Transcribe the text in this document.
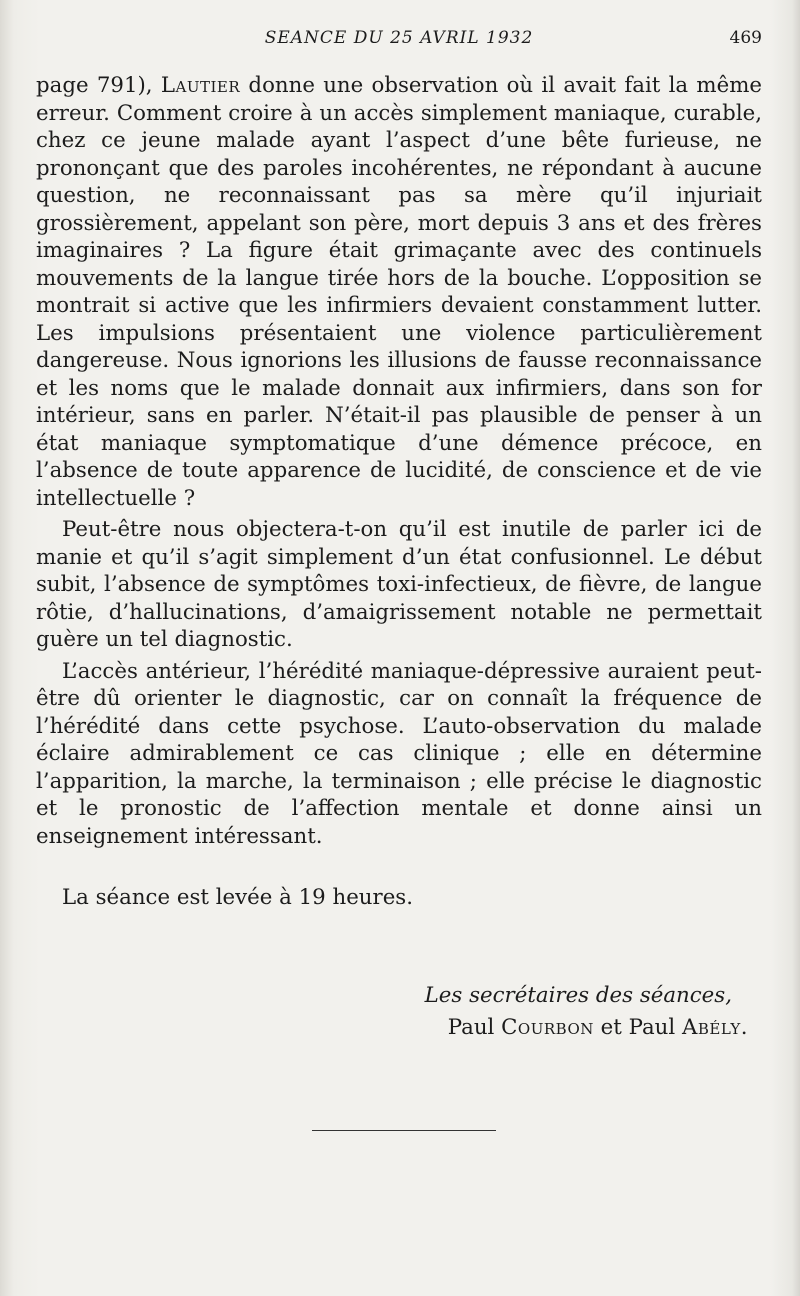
SEANCE DU 25 AVRIL 1932	469

page 791), Lautier donne une observation où il avait fait la même erreur. Comment croire à un accès simplement maniaque, curable, chez ce jeune malade ayant l’aspect d’une bête furieuse, ne prononçant que des paroles incohérentes, ne répondant à aucune question, ne reconnaissant pas sa mère qu’il injuriait grossièrement, appelant son père, mort depuis 3 ans et des frères imaginaires ? La figure était grimaçante avec des continuels mouvements de la langue tirée hors de la bouche. L’opposition se montrait si active que les infirmiers devaient constamment lutter. Les impulsions présentaient une violence particulièrement dangereuse. Nous ignorions les illusions de fausse reconnaissance et les noms que le malade donnait aux infirmiers, dans son for intérieur, sans en parler. N’était-il pas plausible de penser à un état maniaque symptomatique d’une démence précoce, en l’absence de toute apparence de lucidité, de conscience et de vie intellectuelle ?

Peut-être nous objectera-t-on qu’il est inutile de parler ici de manie et qu’il s’agit simplement d’un état confusionnel. Le début subit, l’absence de symptômes toxi-infectieux, de fièvre, de langue rôtie, d’hallucinations, d’amaigrissement notable ne permettait guère un tel diagnostic.

L’accès antérieur, l’hérédité maniaque-dépressive auraient peut-être dû orienter le diagnostic, car on connaît la fréquence de l’hérédité dans cette psychose. L’auto-observation du malade éclaire admirablement ce cas clinique ; elle en détermine l’apparition, la marche, la terminaison ; elle précise le diagnostic et le pronostic de l’affection mentale et donne ainsi un enseignement intéressant.

La séance est levée à 19 heures.
Les secrétaires des séances,
Paul Courbon et Paul Abély.
